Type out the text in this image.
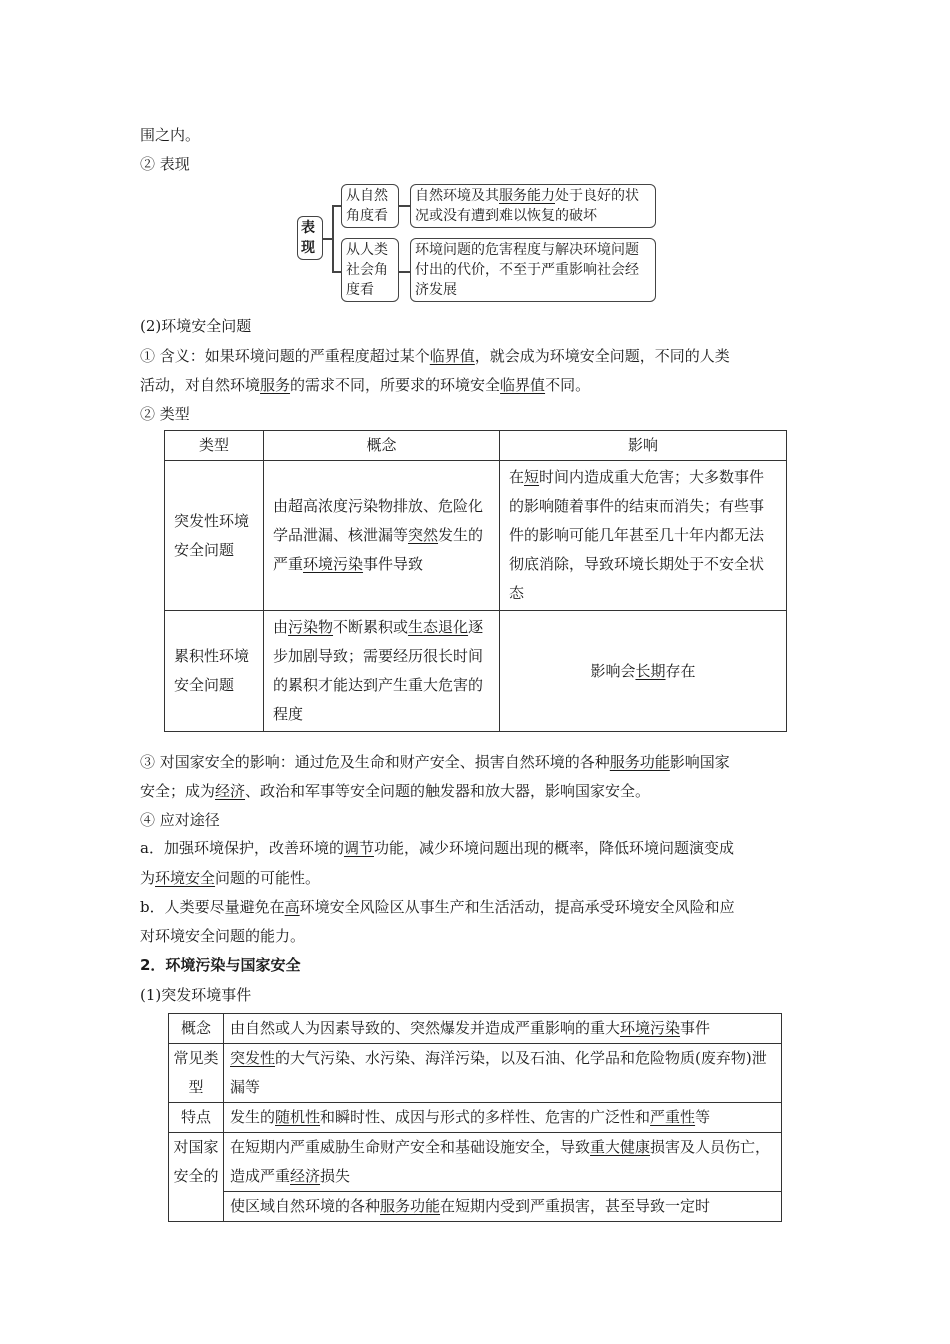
围之内。
② 表现
表现
从自然角度看
自然环境及其服务能力处于良好的状况或没有遭到难以恢复的破坏
从人类社会角度看
环境问题的危害程度与解决环境问题付出的代价，不至于严重影响社会经济发展
(2)环境安全问题
① 含义：如果环境问题的严重程度超过某个临界值，就会成为环境安全问题，不同的人类
活动，对自然环境服务的需求不同，所要求的环境安全临界值不同。
② 类型
类型	概念	影响
突发性环境安全问题	由超高浓度污染物排放、危险化学品泄漏、核泄漏等突然发生的严重环境污染事件导致	在短时间内造成重大危害；大多数事件的影响随着事件的结束而消失；有些事件的影响可能几年甚至几十年内都无法彻底消除，导致环境长期处于不安全状态
累积性环境安全问题	由污染物不断累积或生态退化逐步加剧导致；需要经历很长时间的累积才能达到产生重大危害的程度	影响会长期存在
③ 对国家安全的影响：通过危及生命和财产安全、损害自然环境的各种服务功能影响国家
安全；成为经济、政治和军事等安全问题的触发器和放大器，影响国家安全。
④ 应对途径
a．加强环境保护，改善环境的调节功能，减少环境问题出现的概率，降低环境问题演变成
为环境安全问题的可能性。
b．人类要尽量避免在高环境安全风险区从事生产和生活活动，提高承受环境安全风险和应
对环境安全问题的能力。
2．环境污染与国家安全
(1)突发环境事件
概念	由自然或人为因素导致的、突然爆发并造成严重影响的重大环境污染事件
常见类型	突发性的大气污染、水污染、海洋污染，以及石油、化学品和危险物质(废弃物)泄漏等
特点	发生的随机性和瞬时性、成因与形式的多样性、危害的广泛性和严重性等
对国家安全的	在短期内严重威胁生命财产安全和基础设施安全，导致重大健康损害及人员伤亡，造成严重经济损失
	使区域自然环境的各种服务功能在短期内受到严重损害，甚至导致一定时
